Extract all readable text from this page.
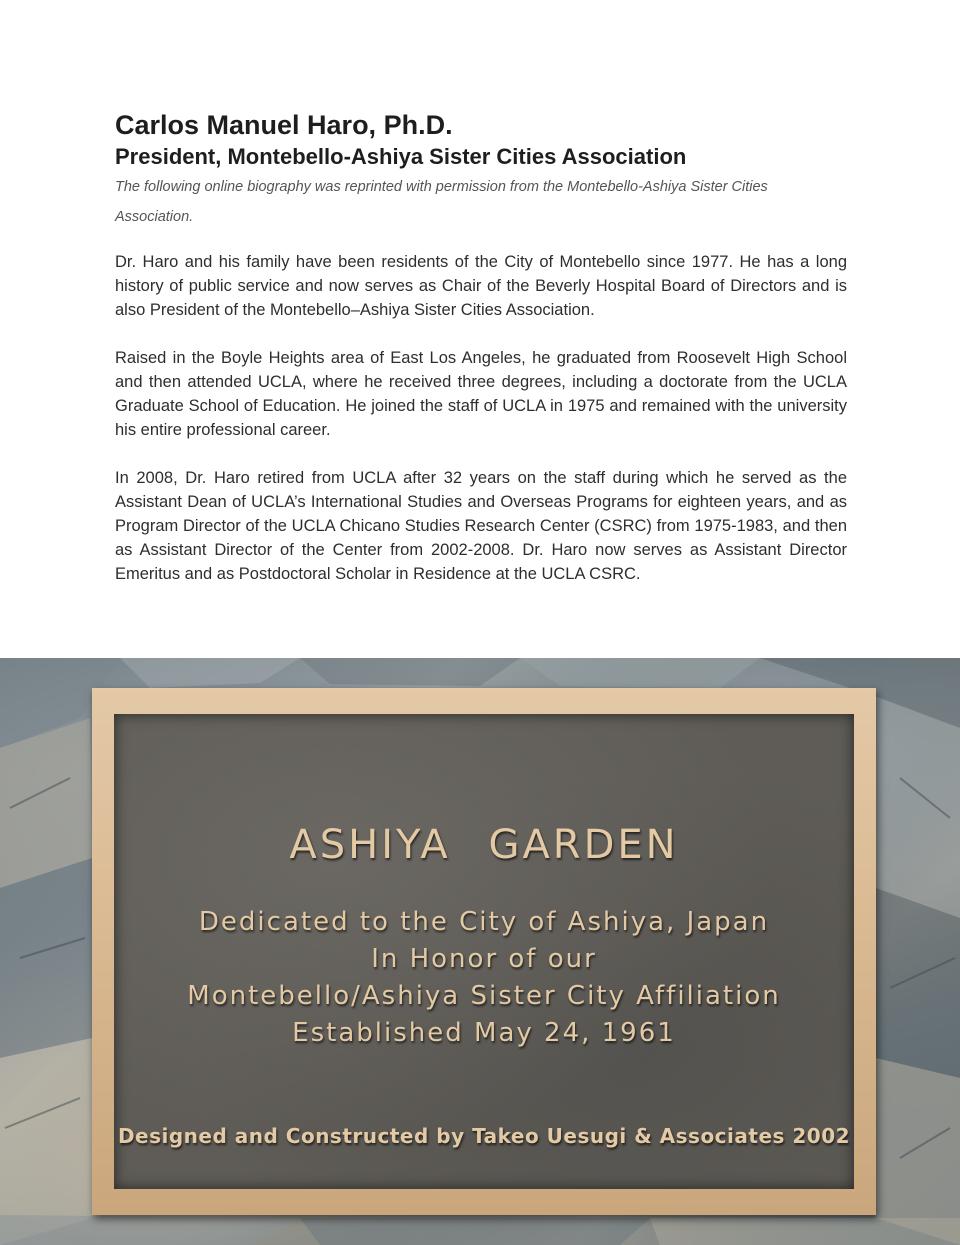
Carlos Manuel Haro, Ph.D.
President, Montebello-Ashiya Sister Cities Association

The following online biography was reprinted with permission from the Montebello-Ashiya Sister Cities Association.

Dr. Haro and his family have been residents of the City of Montebello since 1977. He has a long history of public service and now serves as Chair of the Beverly Hospital Board of Directors and is also President of the Montebello–Ashiya Sister Cities Association.

Raised in the Boyle Heights area of East Los Angeles, he graduated from Roosevelt High School and then attended UCLA, where he received three degrees, including a doctorate from the UCLA Graduate School of Education. He joined the staff of UCLA in 1975 and remained with the university his entire professional career.

In 2008, Dr. Haro retired from UCLA after 32 years on the staff during which he served as the Assistant Dean of UCLA’s International Studies and Overseas Programs for eighteen years, and as Program Director of the UCLA Chicano Studies Research Center (CSRC) from 1975-1983, and then as Assistant Director of the Center from 2002-2008. Dr. Haro now serves as Assistant Director Emeritus and as Postdoctoral Scholar in Residence at the UCLA CSRC.

ASHIYA GARDEN
Dedicated to the City of Ashiya, Japan
In Honor of our
Montebello/Ashiya Sister City Affiliation
Established May 24, 1961
Designed and Constructed by Takeo Uesugi & Associates 2002
